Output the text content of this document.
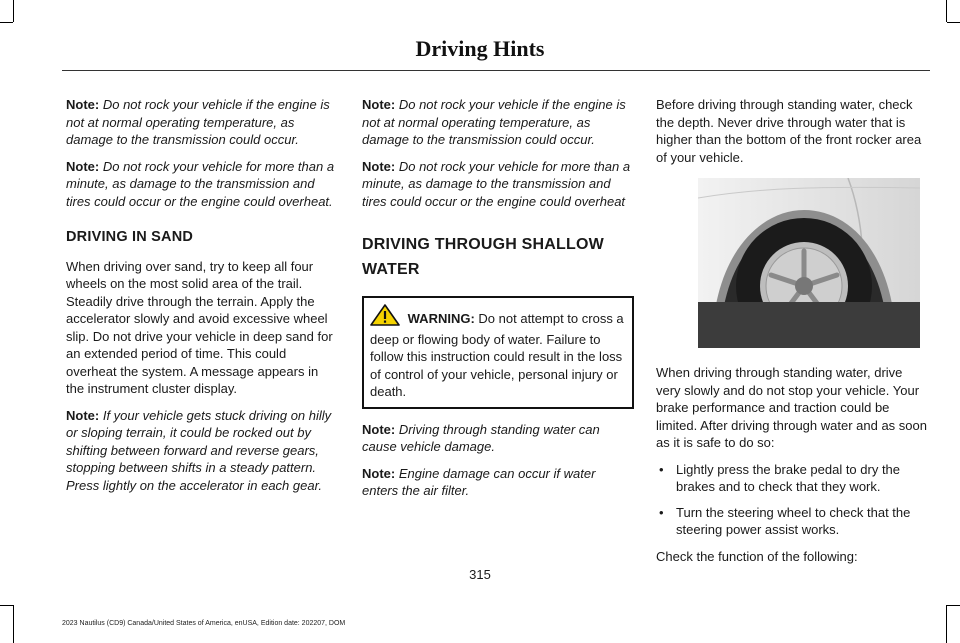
Driving Hints

Note: Do not rock your vehicle if the engine is not at normal operating temperature, as damage to the transmission could occur.

Note: Do not rock your vehicle for more than a minute, as damage to the transmission and tires could occur or the engine could overheat.

DRIVING IN SAND

When driving over sand, try to keep all four wheels on the most solid area of the trail. Steadily drive through the terrain. Apply the accelerator slowly and avoid excessive wheel slip. Do not drive your vehicle in deep sand for an extended period of time. This could overheat the system. A message appears in the instrument cluster display.

Note: If your vehicle gets stuck driving on hilly or sloping terrain, it could be rocked out by shifting between forward and reverse gears, stopping between shifts in a steady pattern. Press lightly on the accelerator in each gear.

Note: Do not rock your vehicle if the engine is not at normal operating temperature, as damage to the transmission could occur.

Note: Do not rock your vehicle for more than a minute, as damage to the transmission and tires could occur or the engine could overheat

DRIVING THROUGH SHALLOW
WATER
WARNING: Do not attempt to cross a deep or flowing body of water. Failure to follow this instruction could result in the loss of control of your vehicle, personal injury or death.

Note: Driving through standing water can cause vehicle damage.

Note: Engine damage can occur if water enters the air filter.

Before driving through standing water, check the depth. Never drive through water that is higher than the bottom of the front rocker area of your vehicle.

When driving through standing water, drive very slowly and do not stop your vehicle. Your brake performance and traction could be limited. After driving through water and as soon as it is safe to do so:

• Lightly press the brake pedal to dry the brakes and to check that they work.
• Turn the steering wheel to check that the steering power assist works.

Check the function of the following:

315
2023 Nautilus (CD9) Canada/United States of America, enUSA, Edition date: 202207, DOM
